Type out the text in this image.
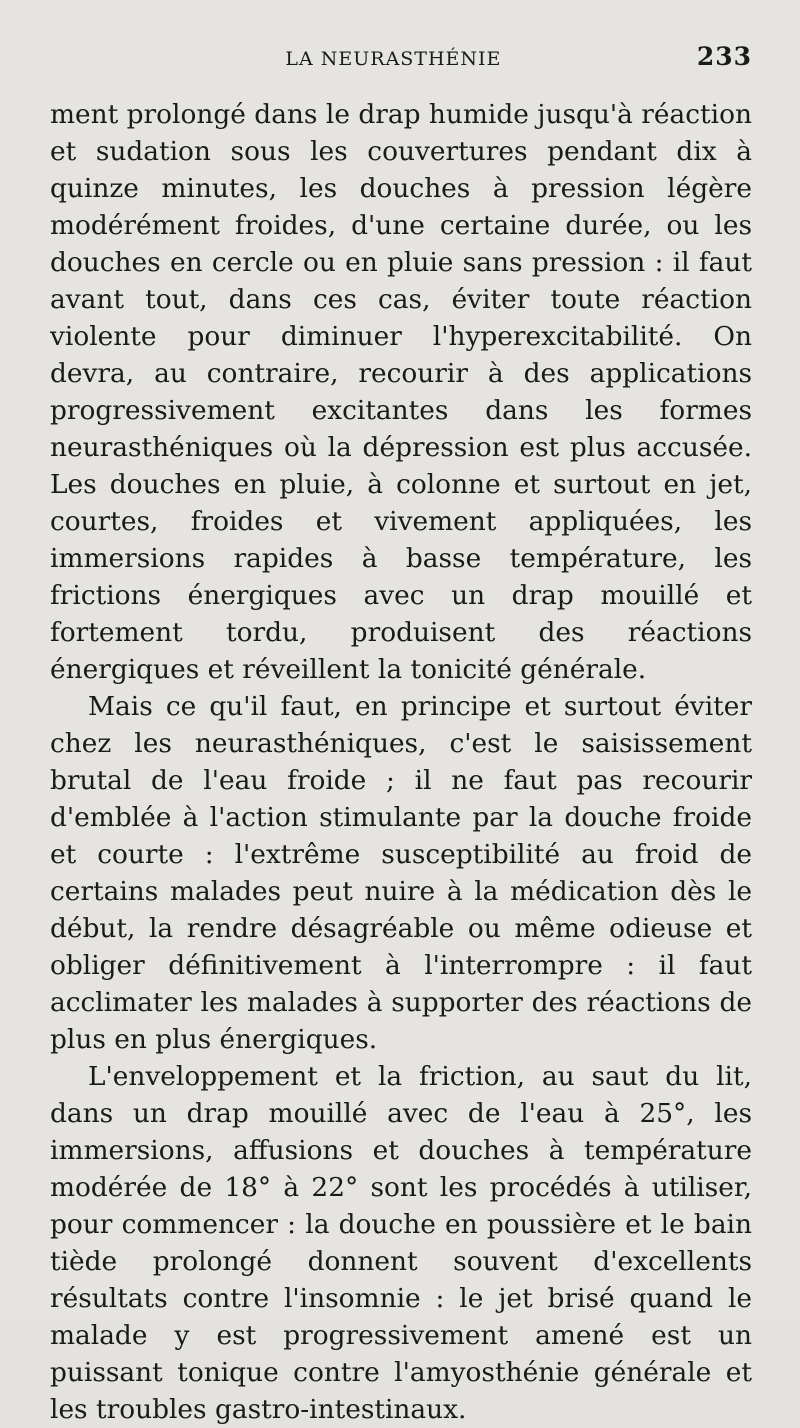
LA NEURASTHÉNIE	233

ment prolongé dans le drap humide jusqu'à réaction et sudation sous les couvertures pendant dix à quinze minutes, les douches à pression légère modérément froides, d'une certaine durée, ou les douches en cercle ou en pluie sans pression : il faut avant tout, dans ces cas, éviter toute réaction violente pour diminuer l'hyperexcitabilité. On devra, au contraire, recourir à des applications progressivement excitantes dans les formes neurasthéniques où la dépression est plus accusée. Les douches en pluie, à colonne et surtout en jet, courtes, froides et vivement appliquées, les immersions rapides à basse température, les frictions énergiques avec un drap mouillé et fortement tordu, produisent des réactions énergiques et réveillent la tonicité générale.

Mais ce qu'il faut, en principe et surtout éviter chez les neurasthéniques, c'est le saisissement brutal de l'eau froide ; il ne faut pas recourir d'emblée à l'action stimulante par la douche froide et courte : l'extrême susceptibilité au froid de certains malades peut nuire à la médication dès le début, la rendre désagréable ou même odieuse et obliger définitivement à l'interrompre : il faut acclimater les malades à supporter des réactions de plus en plus énergiques.

L'enveloppement et la friction, au saut du lit, dans un drap mouillé avec de l'eau à 25°, les immersions, affusions et douches à température modérée de 18° à 22° sont les procédés à utiliser, pour commencer : la douche en poussière et le bain tiède prolongé donnent souvent d'excellents résultats contre l'insomnie : le jet brisé quand le malade y est progressivement amené est un puissant tonique contre l'amyosthénie générale et les troubles gastro-intestinaux.
